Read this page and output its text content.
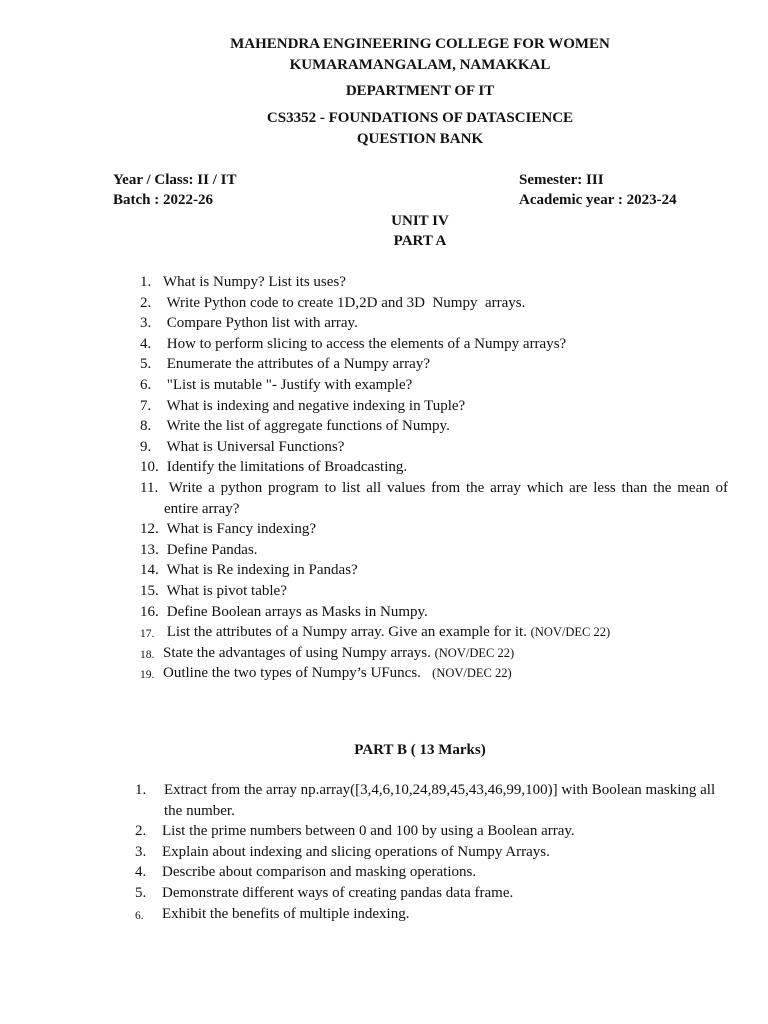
MAHENDRA ENGINEERING COLLEGE FOR WOMEN
KUMARAMANGALAM, NAMAKKAL
DEPARTMENT OF IT
CS3352 - FOUNDATIONS OF DATASCIENCE
QUESTION BANK
Year / Class: II / IT
Batch : 2022-26
Semester: III
Academic year : 2023-24
UNIT IV
PART A
1. What is Numpy? List its uses?
2. Write Python code to create 1D,2D and 3D  Numpy  arrays.
3. Compare Python list with array.
4. How to perform slicing to access the elements of a Numpy arrays?
5. Enumerate the attributes of a Numpy array?
6. "List is mutable "- Justify with example?
7. What is indexing and negative indexing in Tuple?
8. Write the list of aggregate functions of Numpy.
9. What is Universal Functions?
10. Identify the limitations of Broadcasting.
11. Write a python program to list all values from the array which are less than the mean of
entire array?
12. What is Fancy indexing?
13. Define Pandas.
14. What is Re indexing in Pandas?
15. What is pivot table?
16. Define Boolean arrays as Masks in Numpy.
17. List the attributes of a Numpy array. Give an example for it. (NOV/DEC 22)
18. State the advantages of using Numpy arrays. (NOV/DEC 22)
19. Outline the two types of Numpy’s UFuncs. (NOV/DEC 22)
PART B ( 13 Marks)
1. Extract from the array np.array([3,4,6,10,24,89,45,43,46,99,100)] with Boolean masking all
the number.
2. List the prime numbers between 0 and 100 by using a Boolean array.
3. Explain about indexing and slicing operations of Numpy Arrays.
4. Describe about comparison and masking operations.
5. Demonstrate different ways of creating pandas data frame.
6. Exhibit the benefits of multiple indexing.
